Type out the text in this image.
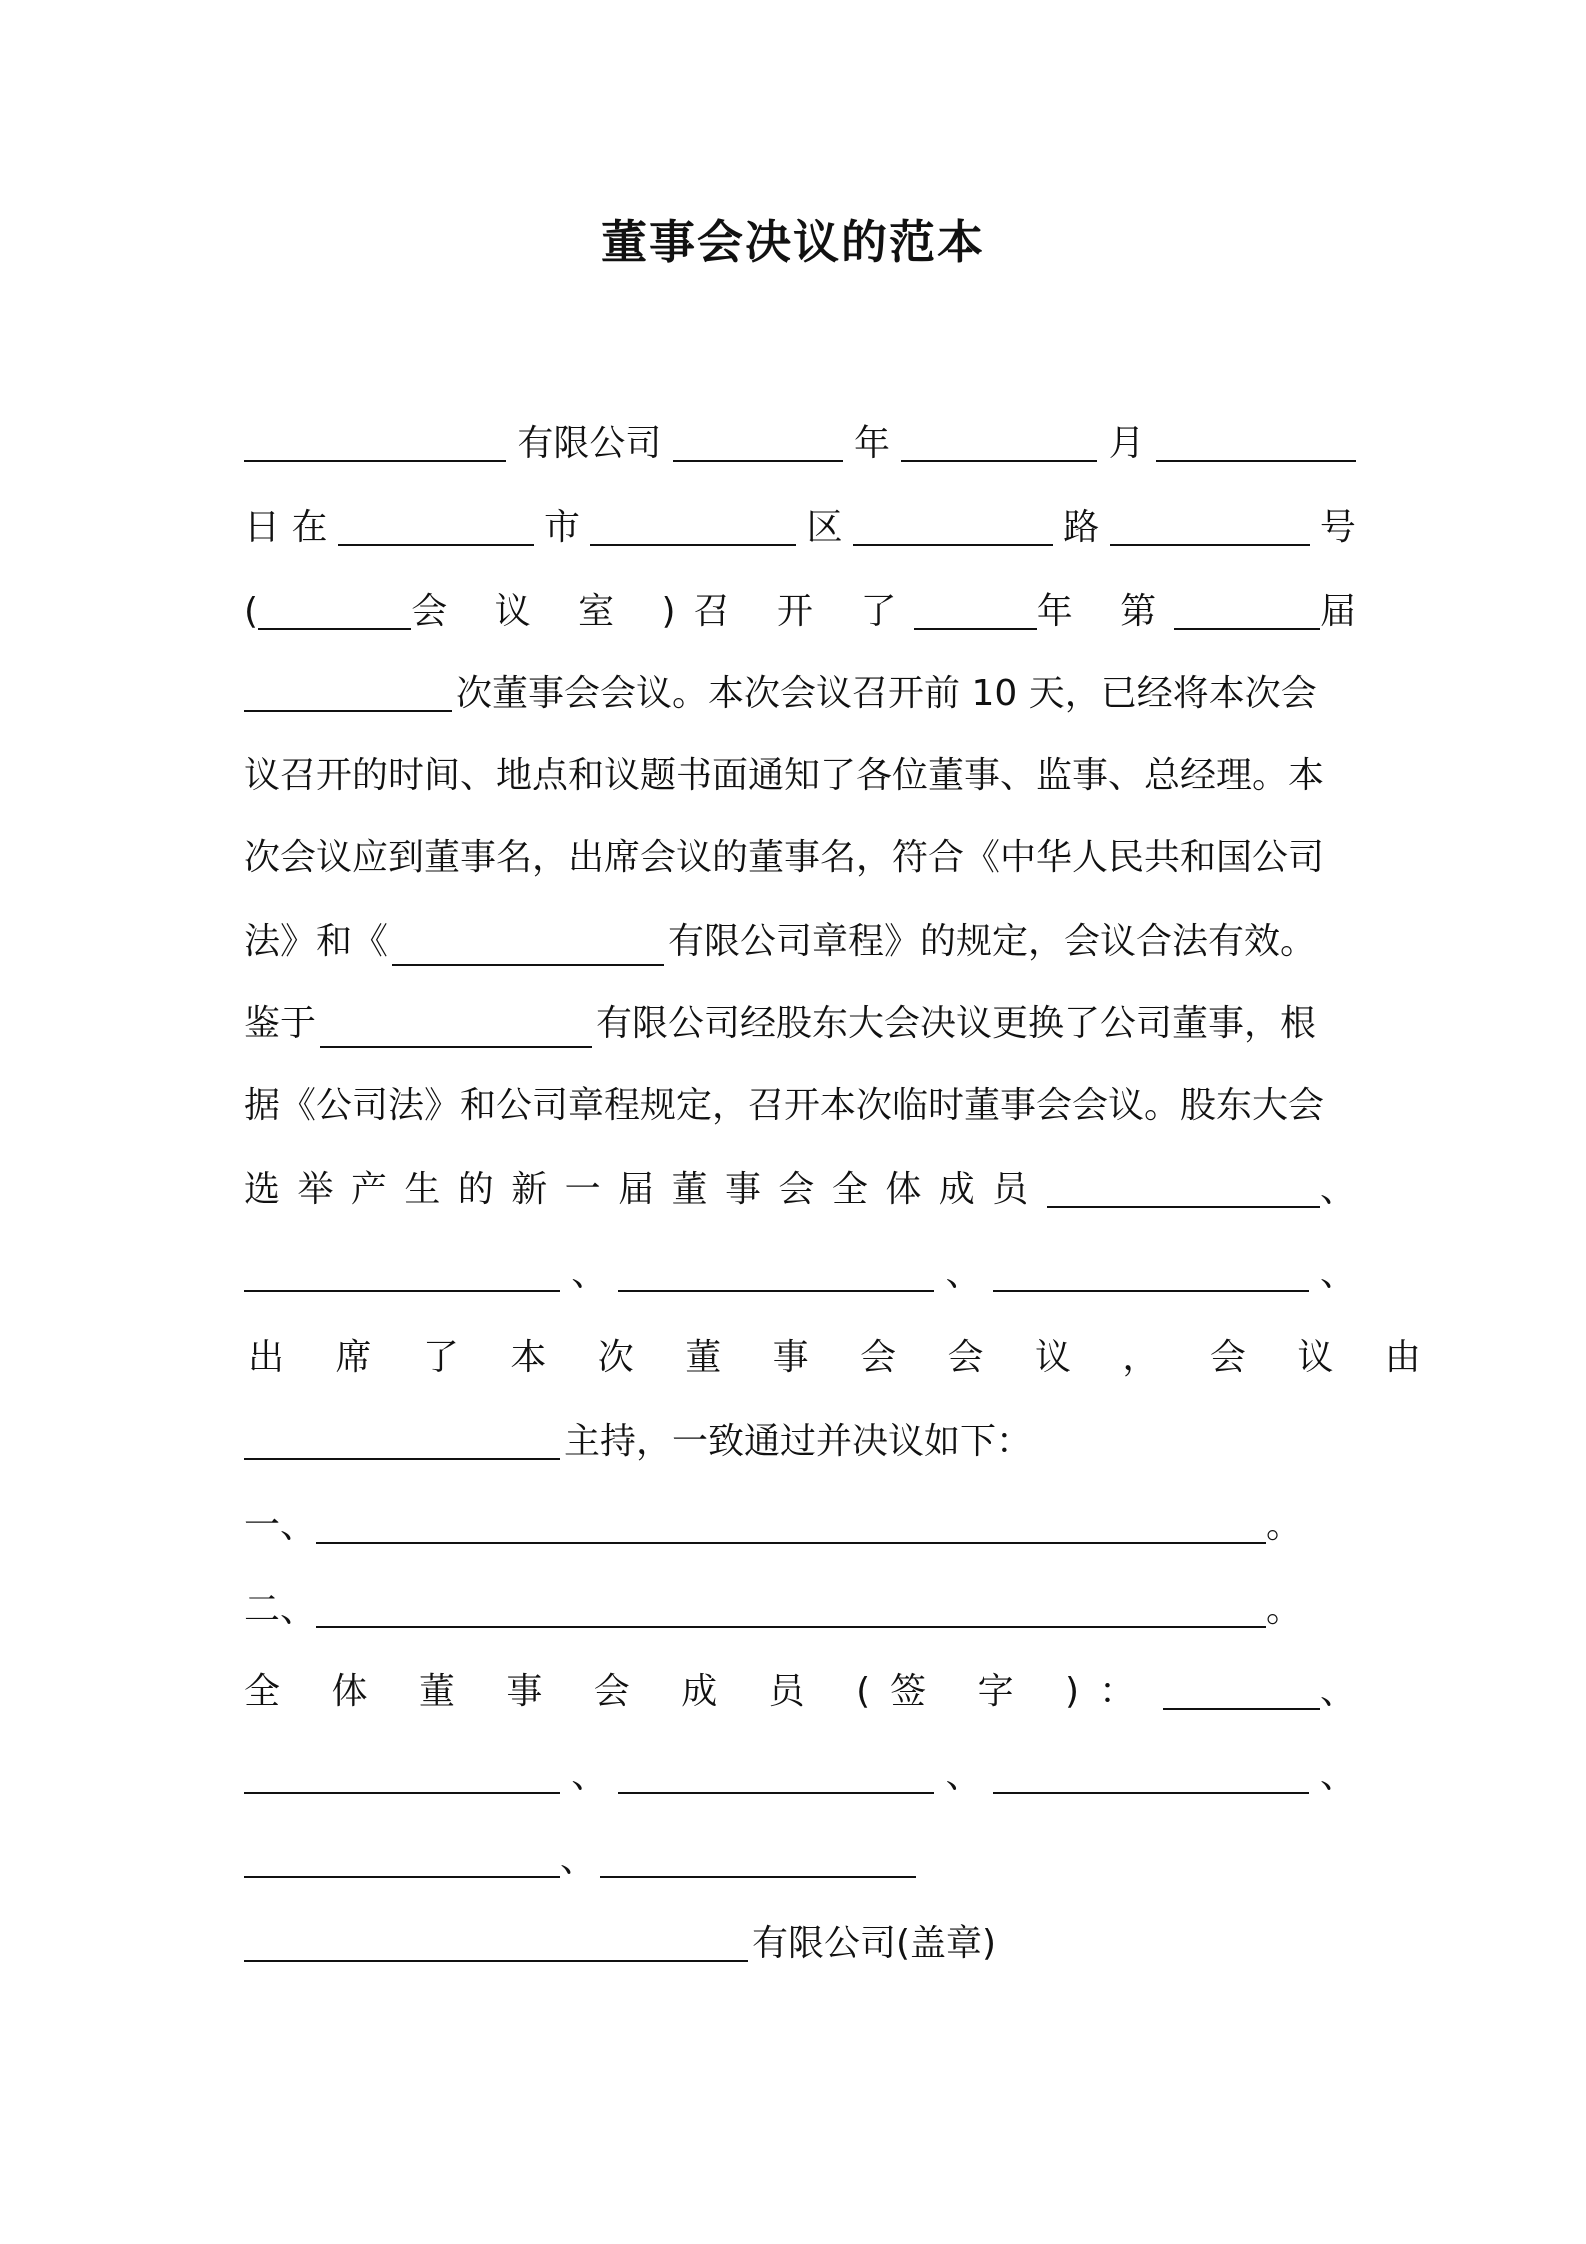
董事会决议的范本
有限公司	年	月
日 在	市	区	路	号
(	会 议 室 )召 开 了	年 第	届
次董事会会议。本次会议召开前 10 天，已经将本次会
议召开的时间、地点和议题书面通知了各位董事、监事、总经理。本
次会议应到董事名，出席会议的董事名，符合《中华人民共和国公司
法》和《	有限公司章程》的规定，会议合法有效。
鉴于	有限公司经股东大会决议更换了公司董事，根
据《公司法》和公司章程规定，召开本次临时董事会会议。股东大会
选 举 产 生 的 新 一 届 董 事 会 全 体 成 员	、
、	、	、
出 席 了 本 次 董 事 会 会 议 ， 会 议 由
主持，一致通过并决议如下：
一、	。
二、	。
全 体 董 事 会 成 员 (签 字 )：	、
、	、	、
、
有限公司(盖章)
